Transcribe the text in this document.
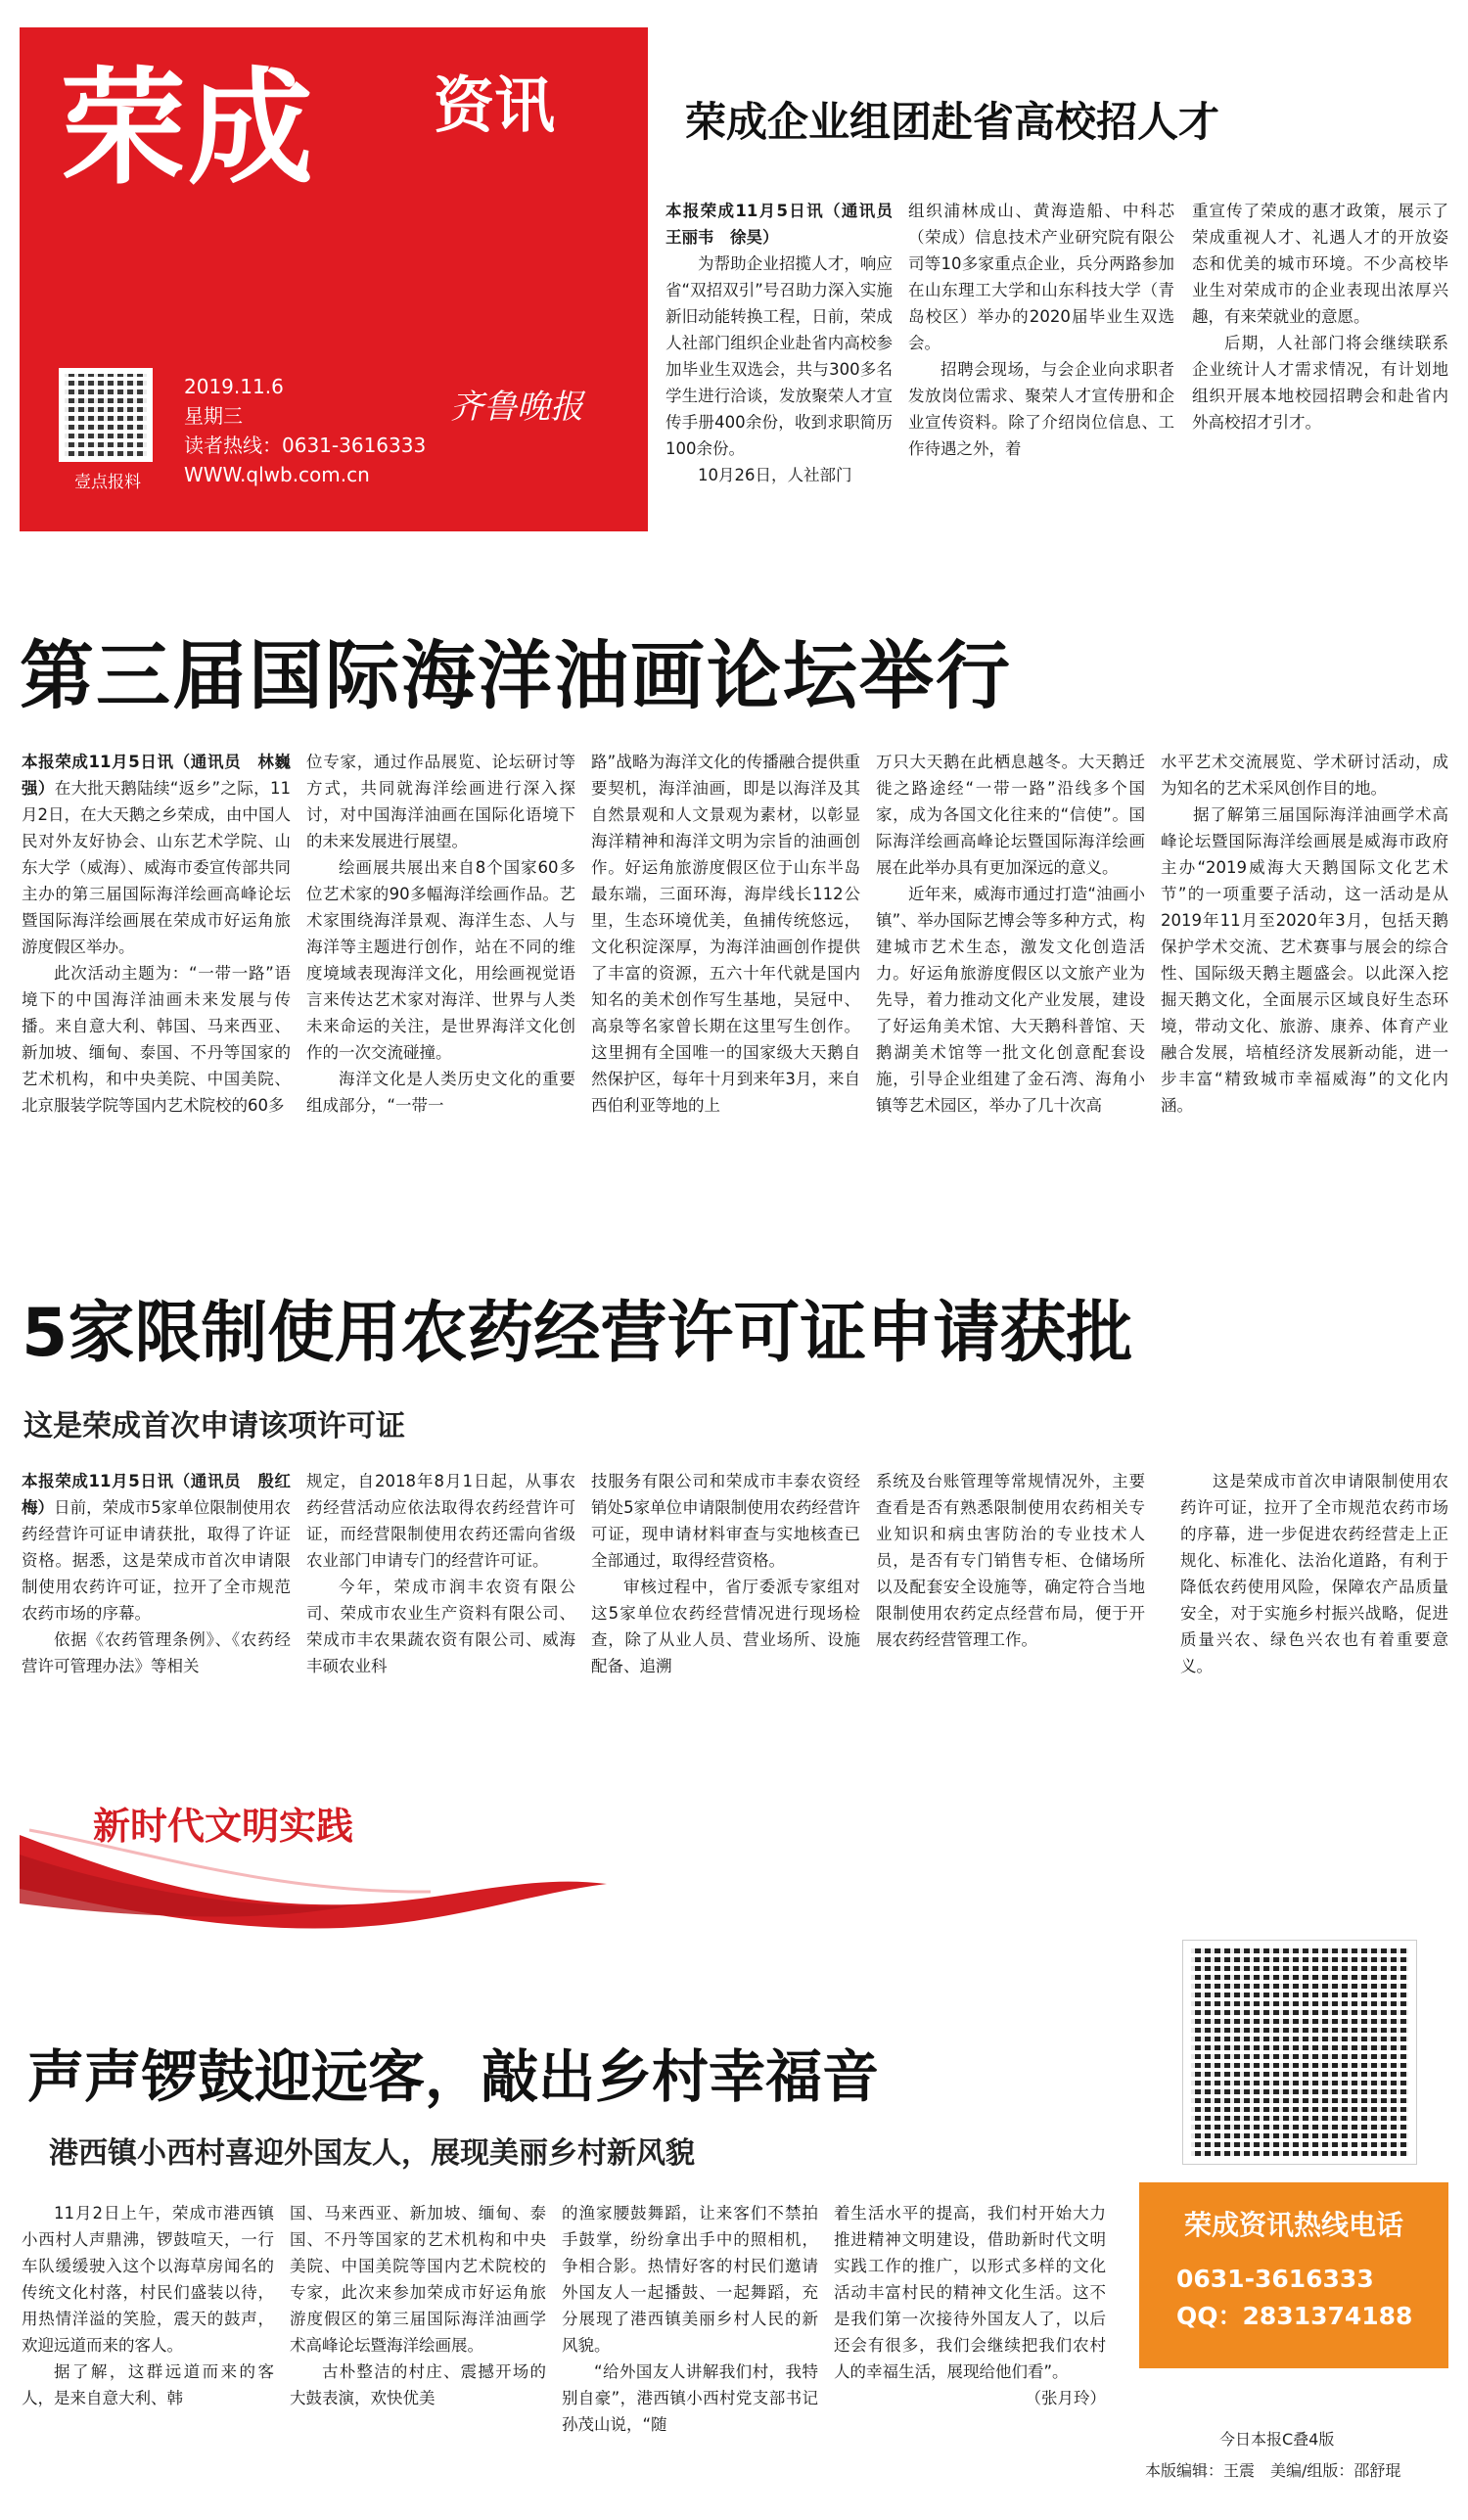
荣成 资讯
壹点报料
2019.11.6
星期三
读者热线：0631-3616333
WWW.qlwb.com.cn
齐鲁晚报
荣成企业组团赴省高校招人才

本报荣成11月5日讯（通讯员　王丽韦　徐昊）

为帮助企业招揽人才，响应省“双招双引”号召助力深入实施新旧动能转换工程，日前，荣成人社部门组织企业赴省内高校参加毕业生双选会，共与300多名学生进行洽谈，发放聚荣人才宣传手册400余份，收到求职简历100余份。

10月26日，人社部门

组织浦林成山、黄海造船、中科芯（荣成）信息技术产业研究院有限公司等10多家重点企业，兵分两路参加在山东理工大学和山东科技大学（青岛校区）举办的2020届毕业生双选会。

招聘会现场，与会企业向求职者发放岗位需求、聚荣人才宣传册和企业宣传资料。除了介绍岗位信息、工作待遇之外，着

重宣传了荣成的惠才政策，展示了荣成重视人才、礼遇人才的开放姿态和优美的城市环境。不少高校毕业生对荣成市的企业表现出浓厚兴趣，有来荣就业的意愿。

后期，人社部门将会继续联系企业统计人才需求情况，有计划地组织开展本地校园招聘会和赴省内外高校招才引才。

第三届国际海洋油画论坛举行

本报荣成11月5日讯（通讯员　林巍强）在大批天鹅陆续“返乡”之际，11月2日，在大天鹅之乡荣成，由中国人民对外友好协会、山东艺术学院、山东大学（威海）、威海市委宣传部共同主办的第三届国际海洋绘画高峰论坛暨国际海洋绘画展在荣成市好运角旅游度假区举办。

此次活动主题为：“一带一路”语境下的中国海洋油画未来发展与传播。来自意大利、韩国、马来西亚、新加坡、缅甸、泰国、不丹等国家的艺术机构，和中央美院、中国美院、北京服装学院等国内艺术院校的60多

位专家，通过作品展览、论坛研讨等方式，共同就海洋绘画进行深入探讨，对中国海洋油画在国际化语境下的未来发展进行展望。

绘画展共展出来自8个国家60多位艺术家的90多幅海洋绘画作品。艺术家围绕海洋景观、海洋生态、人与海洋等主题进行创作，站在不同的维度境域表现海洋文化，用绘画视觉语言来传达艺术家对海洋、世界与人类未来命运的关注，是世界海洋文化创作的一次交流碰撞。

海洋文化是人类历史文化的重要组成部分，“一带一

路”战略为海洋文化的传播融合提供重要契机，海洋油画，即是以海洋及其自然景观和人文景观为素材，以彰显海洋精神和海洋文明为宗旨的油画创作。好运角旅游度假区位于山东半岛最东端，三面环海，海岸线长112公里，生态环境优美，鱼捕传统悠远，文化积淀深厚，为海洋油画创作提供了丰富的资源，五六十年代就是国内知名的美术创作写生基地，吴冠中、高泉等名家曾长期在这里写生创作。这里拥有全国唯一的国家级大天鹅自然保护区，每年十月到来年3月，来自西伯利亚等地的上

万只大天鹅在此栖息越冬。大天鹅迁徙之路途经“一带一路”沿线多个国家，成为各国文化往来的“信使”。国际海洋绘画高峰论坛暨国际海洋绘画展在此举办具有更加深远的意义。

近年来，威海市通过打造“油画小镇”、举办国际艺博会等多种方式，构建城市艺术生态，激发文化创造活力。好运角旅游度假区以文旅产业为先导，着力推动文化产业发展，建设了好运角美术馆、大天鹅科普馆、天鹅湖美术馆等一批文化创意配套设施，引导企业组建了金石湾、海角小镇等艺术园区，举办了几十次高

水平艺术交流展览、学术研讨活动，成为知名的艺术采风创作目的地。

据了解第三届国际海洋油画学术高峰论坛暨国际海洋绘画展是威海市政府主办“2019威海大天鹅国际文化艺术节”的一项重要子活动，这一活动是从2019年11月至2020年3月，包括天鹅保护学术交流、艺术赛事与展会的综合性、国际级天鹅主题盛会。以此深入挖掘天鹅文化，全面展示区域良好生态环境，带动文化、旅游、康养、体育产业融合发展，培植经济发展新动能，进一步丰富“精致城市幸福威海”的文化内涵。

5家限制使用农药经营许可证申请获批
这是荣成首次申请该项许可证

本报荣成11月5日讯（通讯员　殷红梅）日前，荣成市5家单位限制使用农药经营许可证申请获批，取得了许证资格。据悉，这是荣成市首次申请限制使用农药许可证，拉开了全市规范农药市场的序幕。

依据《农药管理条例》、《农药经营许可管理办法》等相关

规定，自2018年8月1日起，从事农药经营活动应依法取得农药经营许可证，而经营限制使用农药还需向省级农业部门申请专门的经营许可证。

今年，荣成市润丰农资有限公司、荣成市农业生产资料有限公司、荣成市丰农果蔬农资有限公司、威海丰硕农业科

技服务有限公司和荣成市丰泰农资经销处5家单位申请限制使用农药经营许可证，现申请材料审查与实地核查已全部通过，取得经营资格。

审核过程中，省厅委派专家组对这5家单位农药经营情况进行现场检查，除了从业人员、营业场所、设施配备、追溯

系统及台账管理等常规情况外，主要查看是否有熟悉限制使用农药相关专业知识和病虫害防治的专业技术人员，是否有专门销售专柜、仓储场所以及配套安全设施等，确定符合当地限制使用农药定点经营布局，便于开展农药经营管理工作。

这是荣成市首次申请限制使用农药许可证，拉开了全市规范农药市场的序幕，进一步促进农药经营走上正规化、标准化、法治化道路，有利于降低农药使用风险，保障农产品质量安全，对于实施乡村振兴战略，促进质量兴农、绿色兴农也有着重要意义。

新时代文明实践
声声锣鼓迎远客，敲出乡村幸福音
港西镇小西村喜迎外国友人，展现美丽乡村新风貌

11月2日上午，荣成市港西镇小西村人声鼎沸，锣鼓喧天，一行车队缓缓驶入这个以海草房闻名的传统文化村落，村民们盛装以待，用热情洋溢的笑脸，震天的鼓声，欢迎远道而来的客人。

据了解，这群远道而来的客人，是来自意大利、韩

国、马来西亚、新加坡、缅甸、泰国、不丹等国家的艺术机构和中央美院、中国美院等国内艺术院校的专家，此次来参加荣成市好运角旅游度假区的第三届国际海洋油画学术高峰论坛暨海洋绘画展。

古朴整洁的村庄、震撼开场的大鼓表演，欢快优美

的渔家腰鼓舞蹈，让来客们不禁拍手鼓掌，纷纷拿出手中的照相机，争相合影。热情好客的村民们邀请外国友人一起播鼓、一起舞蹈，充分展现了港西镇美丽乡村人民的新风貌。

“给外国友人讲解我们村，我特别自豪”，港西镇小西村党支部书记孙茂山说，“随

着生活水平的提高，我们村开始大力推进精神文明建设，借助新时代文明实践工作的推广，以形式多样的文化活动丰富村民的精神文化生活。这不是我们第一次接待外国友人了，以后还会有很多，我们会继续把我们农村人的幸福生活，展现给他们看”。

（张月玲）

荣成资讯热线电话
0631-3616333
QQ：2831374188
今日本报C叠4版
本版编辑：王震　美编/组版：邵舒琨
